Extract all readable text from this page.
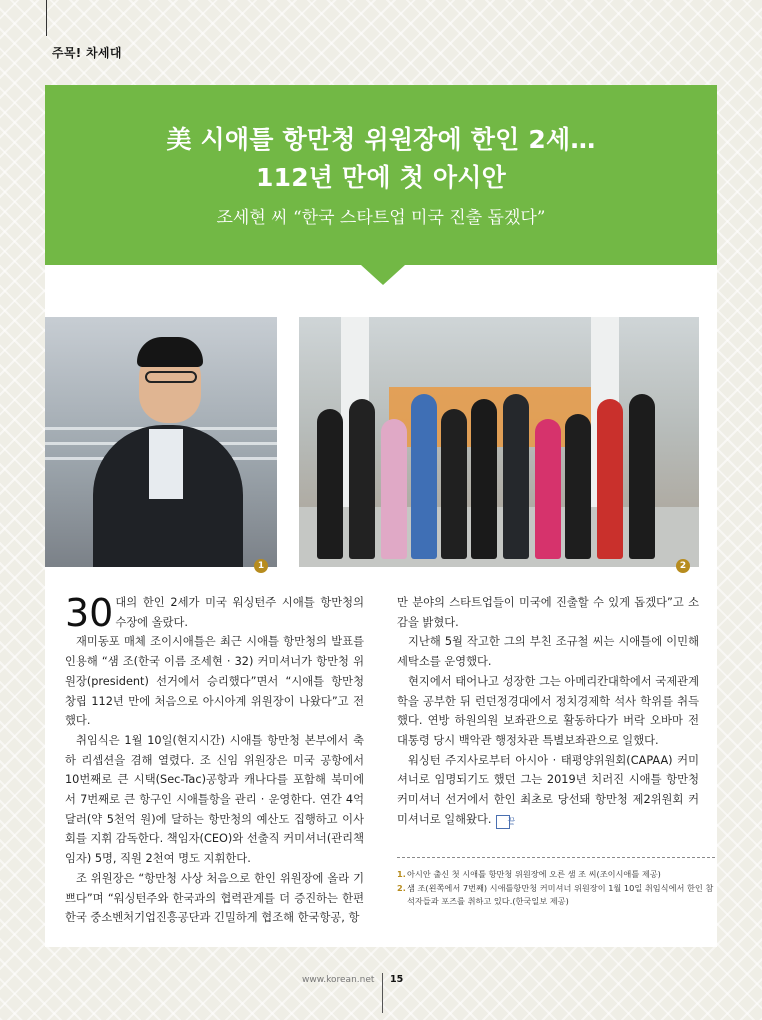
주목! 차세대
美 시애틀 항만청 위원장에 한인 2세…
112년 만에 첫 아시안

조세현 씨 “한국 스타트업 미국 진출 돕겠다”

1	2

30 대의 한인 2세가 미국 워싱턴주 시애틀 항만청의 수장에 올랐다.

재미동포 매체 조이시애틀은 최근 시애틀 항만청의 발표를 인용해 “샘 조(한국 이름 조세현 · 32) 커미셔너가 항만청 위원장(president) 선거에서 승리했다”면서 “시애틀 항만청 창립 112년 만에 처음으로 아시아계 위원장이 나왔다”고 전했다.

취임식은 1월 10일(현지시간) 시애틀 항만청 본부에서 축하 리셉션을 겸해 열렸다. 조 신임 위원장은 미국 공항에서 10번째로 큰 시택(Sec-Tac)공항과 캐나다를 포함해 북미에서 7번째로 큰 항구인 시애틀항을 관리 · 운영한다. 연간 4억 달러(약 5천억 원)에 달하는 항만청의 예산도 집행하고 이사회를 지휘 감독한다. 책임자(CEO)와 선출직 커미셔너(관리책임자) 5명, 직원 2천여 명도 지휘한다.

조 위원장은 “항만청 사상 처음으로 한인 위원장에 올라 기쁘다”며 “워싱턴주와 한국과의 협력관계를 더 증진하는 한편 한국 중소벤처기업진흥공단과 긴밀하게 협조해 한국항공, 항

만 분야의 스타트업들이 미국에 진출할 수 있게 돕겠다”고 소감을 밝혔다.

지난해 5월 작고한 그의 부친 조규철 씨는 시애틀에 이민해 세탁소를 운영했다.

현지에서 태어나고 성장한 그는 아메리칸대학에서 국제관계학을 공부한 뒤 런던정경대에서 정치경제학 석사 학위를 취득했다. 연방 하원의원 보좌관으로 활동하다가 버락 오바마 전 대통령 당시 백악관 행정차관 특별보좌관으로 일했다.

워싱턴 주지사로부터 아시아 · 태평양위원회(CAPAA) 커미셔너로 임명되기도 했던 그는 2019년 치러진 시애틀 항만청 커미셔너 선거에서 한인 최초로 당선돼 항만청 제2위원회 커미셔너로 일해왔다. 끝

1. 아시안 출신 첫 시애틀 항만청 위원장에 오른 샘 조 씨(조이시애틀 제공)
2. 샘 조(왼쪽에서 7번째) 시애틀항만청 커미셔너 위원장이 1월 10일 취임식에서 한인 참석자들과 포즈를 취하고 있다.(한국일보 제공)
www.korean.net 15
